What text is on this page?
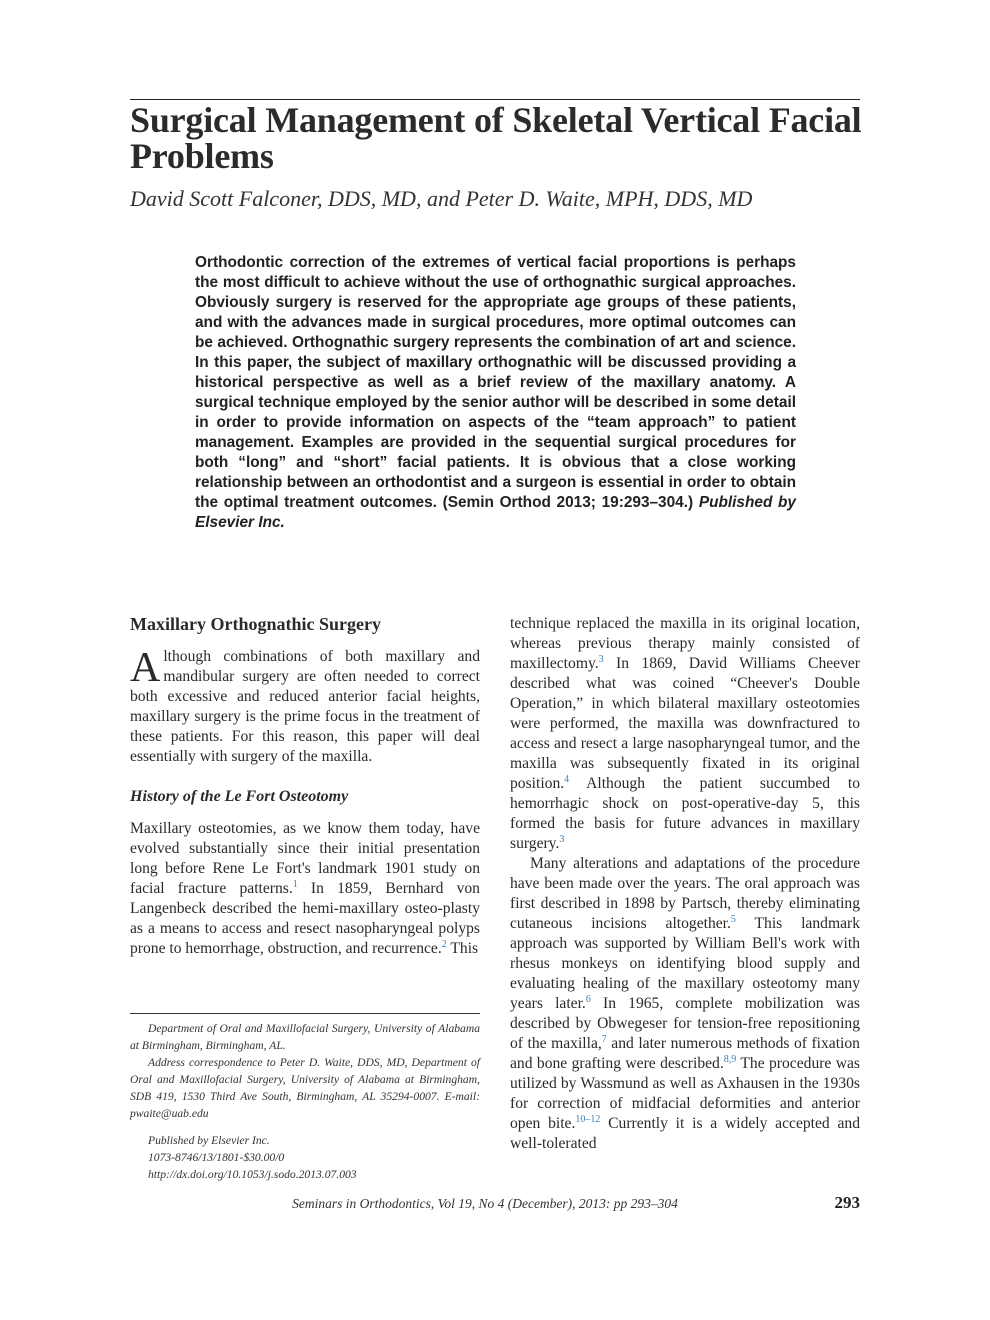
Surgical Management of Skeletal Vertical Facial Problems
David Scott Falconer, DDS, MD, and Peter D. Waite, MPH, DDS, MD

Orthodontic correction of the extremes of vertical facial proportions is perhaps the most difficult to achieve without the use of orthognathic surgical approaches. Obviously surgery is reserved for the appropriate age groups of these patients, and with the advances made in surgical procedures, more optimal outcomes can be achieved. Orthognathic surgery represents the combination of art and science. In this paper, the subject of maxillary orthognathic will be discussed providing a historical perspective as well as a brief review of the maxillary anatomy. A surgical technique employed by the senior author will be described in some detail in order to provide information on aspects of the “team approach” to patient management. Examples are provided in the sequential surgical procedures for both “long” and “short” facial patients. It is obvious that a close working relationship between an orthodontist and a surgeon is essential in order to obtain the optimal treatment outcomes. (Semin Orthod 2013; 19:293–304.) Published by Elsevier Inc.

Maxillary Orthognathic Surgery

Although combinations of both maxillary and mandibular surgery are often needed to correct both excessive and reduced anterior facial heights, maxillary surgery is the prime focus in the treatment of these patients. For this reason, this paper will deal essentially with surgery of the maxilla.

History of the Le Fort Osteotomy

Maxillary osteotomies, as we know them today, have evolved substantially since their initial presentation long before Rene Le Fort's landmark 1901 study on facial fracture patterns.$^1$ In 1859, Bernhard von Langenbeck described the hemi-maxillary osteo-plasty as a means to access and resect nasopharyngeal polyps prone to hemorrhage, obstruction, and recurrence.$^2$ This

Department of Oral and Maxillofacial Surgery, University of Alabama at Birmingham, Birmingham, AL.

Address correspondence to Peter D. Waite, DDS, MD, Department of Oral and Maxillofacial Surgery, University of Alabama at Birmingham, SDB 419, 1530 Third Ave South, Birmingham, AL 35294-0007. E-mail: pwaite@uab.edu

Published by Elsevier Inc.
1073-8746/13/1801-$30.00/0
http://dx.doi.org/10.1053/j.sodo.2013.07.003

technique replaced the maxilla in its original location, whereas previous therapy mainly consisted of maxillectomy.$^3$ In 1869, David Williams Cheever described what was coined “Cheever's Double Operation,” in which bilateral maxillary osteotomies were performed, the maxilla was downfractured to access and resect a large nasopharyngeal tumor, and the maxilla was subsequently fixated in its original position.$^4$ Although the patient succumbed to hemorrhagic shock on post-operative-day 5, this formed the basis for future advances in maxillary surgery.$^3$

Many alterations and adaptations of the procedure have been made over the years. The oral approach was first described in 1898 by Partsch, thereby eliminating cutaneous incisions altogether.$^5$ This landmark approach was supported by William Bell's work with rhesus monkeys on identifying blood supply and evaluating healing of the maxillary osteotomy many years later.$^6$ In 1965, complete mobilization was described by Obwegeser for tension-free repositioning of the maxilla,$^7$ and later numerous methods of fixation and bone grafting were described.$^{8,9}$ The procedure was utilized by Wassmund as well as Axhausen in the 1930s for correction of midfacial deformities and anterior open bite.$^{10-12}$ Currently it is a widely accepted and well-tolerated

Seminars in Orthodontics, Vol 19, No 4 (December), 2013: pp 293–304	293
